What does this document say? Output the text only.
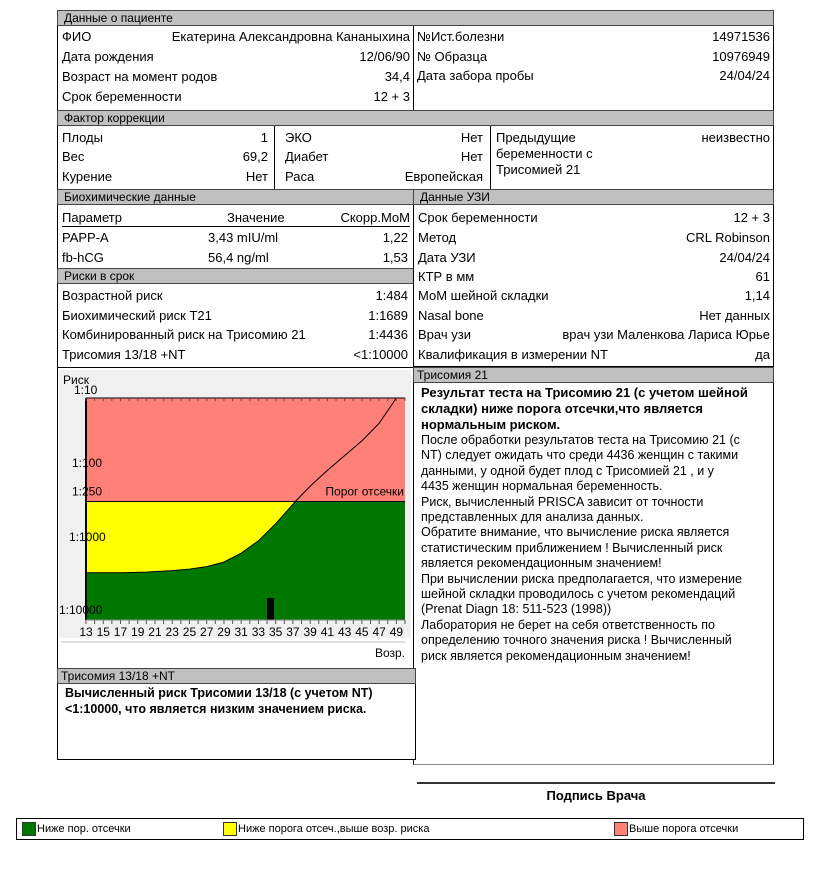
Данные о пациенте
ФИО	Екатерина Александровна Кананыхина
Дата рождения	12/06/90
Возраст на момент родов	34,4
Срок беременности	12 + 3
№Ист.болезни	14971536
№ Образца	10976949
Дата забора пробы	24/04/24
Фактор коррекции
Плоды	1
Вес	69,2
Курение	Нет
ЭКО	Нет
Диабет	Нет
Раса	Европейская
Предыдущие
беременности с
Трисомией 21
неизвестно
Биохимические данные
Параметр	Значение	Скорр.МоМ
PAPP-A	3,43 mIU/ml	1,22
fb-hCG	56,4 ng/ml	1,53
Риски в срок
Возрастной риск	1:484
Биохимический риск T21	1:1689
Комбинированный риск на Трисомию 21	1:4436
Трисомия 13/18 +NT	<1:10000
Данные УЗИ
Срок беременности	12 + 3
Метод	CRL Robinson
Дата УЗИ	24/04/24
КТР в мм	61
МоМ шейной складки	1,14
Nasal bone	Нет данных
Врач узи	врач узи Маленкова Лариса Юрье
Квалификация в измерении NT	да
13 15 17 19 21 23 25 27 29 31 33 35 37 39 41 43 45 47 49
1:10
1:100
1:250
1:1000
1:10000
Риск
Возр.
Порог отсечки
Трисомия 21
Результат теста на Трисомию 21 (с учетом шейной
складки) ниже порога отсечки,что является
нормальным риском.
После обработки результатов теста на Трисомию 21 (с
NT) следует ожидать что среди 4436 женщин с такими
данными, у одной будет плод с Трисомией 21 , и у
4435 женщин нормальная беременность.
Риск, вычисленный PRISCA зависит от точности
представленных для анализа данных.
Обратите внимание, что вычисление риска является
статистическим приближением ! Вычисленный риск
является рекомендационным значением!
При вычислении риска предполагается, что измерение
шейной складки проводилось с учетом рекомендаций
(Prenat Diagn 18: 511-523 (1998))
Лаборатория не берет на себя ответственность по
определению точного значения риска ! Вычисленный
риск является рекомендационным значением!
Трисомия 13/18 +NT
Вычисленный риск Трисомии 13/18 (с учетом NT)
<1:10000, что является низким значением риска.
Подпись Врача
Ниже пор. отсечки	Ниже порога отсеч.,выше возр. риска	Выше порога отсечки
